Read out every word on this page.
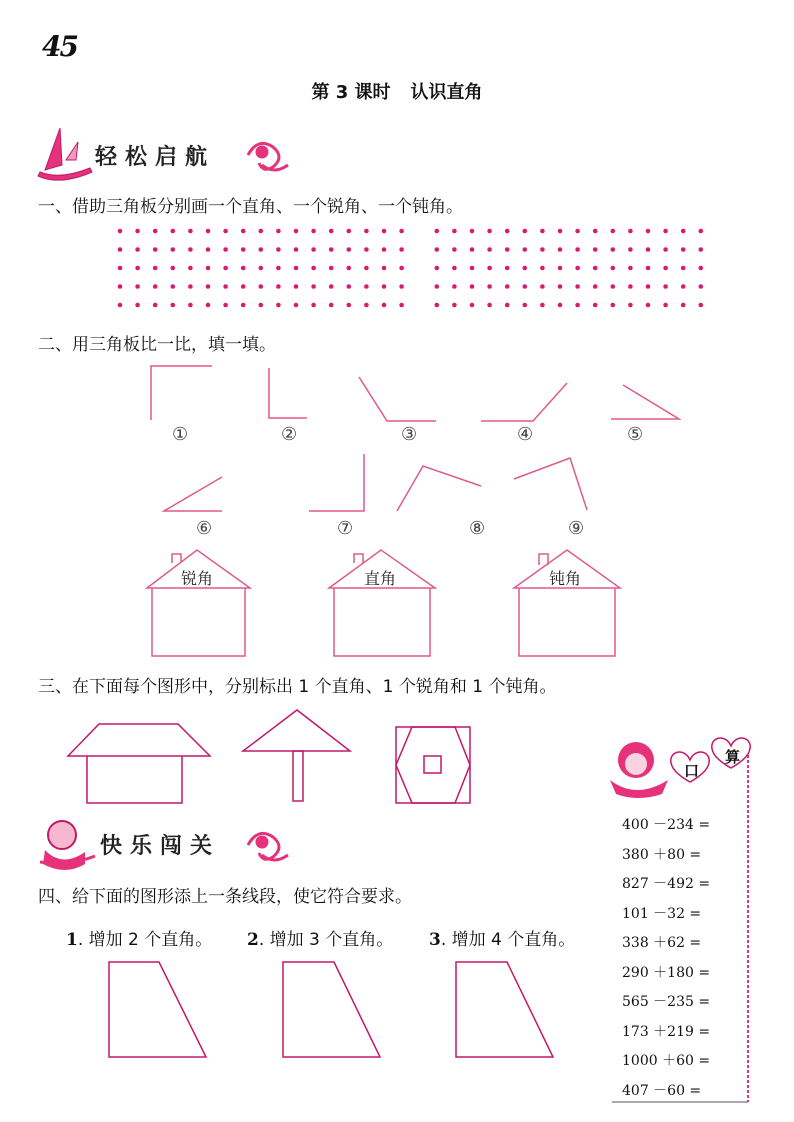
45
第 3 课时 认识直角
轻松启航
快乐闯关
一、借助三角板分别画一个直角、一个锐角、一个钝角。
二、用三角板比一比，填一填。
三、在下面每个图形中，分别标出 1 个直角、1 个锐角和 1 个钝角。
四、给下面的图形添上一条线段，使它符合要求。
①	②	③	④	⑤
⑥	⑦	⑧	⑨
锐角	直角	钝角
1. 增加 2 个直角。 2. 增加 3 个直角。 3. 增加 4 个直角。
口
算
400 －234 =
380 ＋80 =
827 －492 =
101 －32 =
338 ＋62 =
290 ＋180 =
565 －235 =
173 ＋219 =
1000 ＋60 =
407 －60 =
